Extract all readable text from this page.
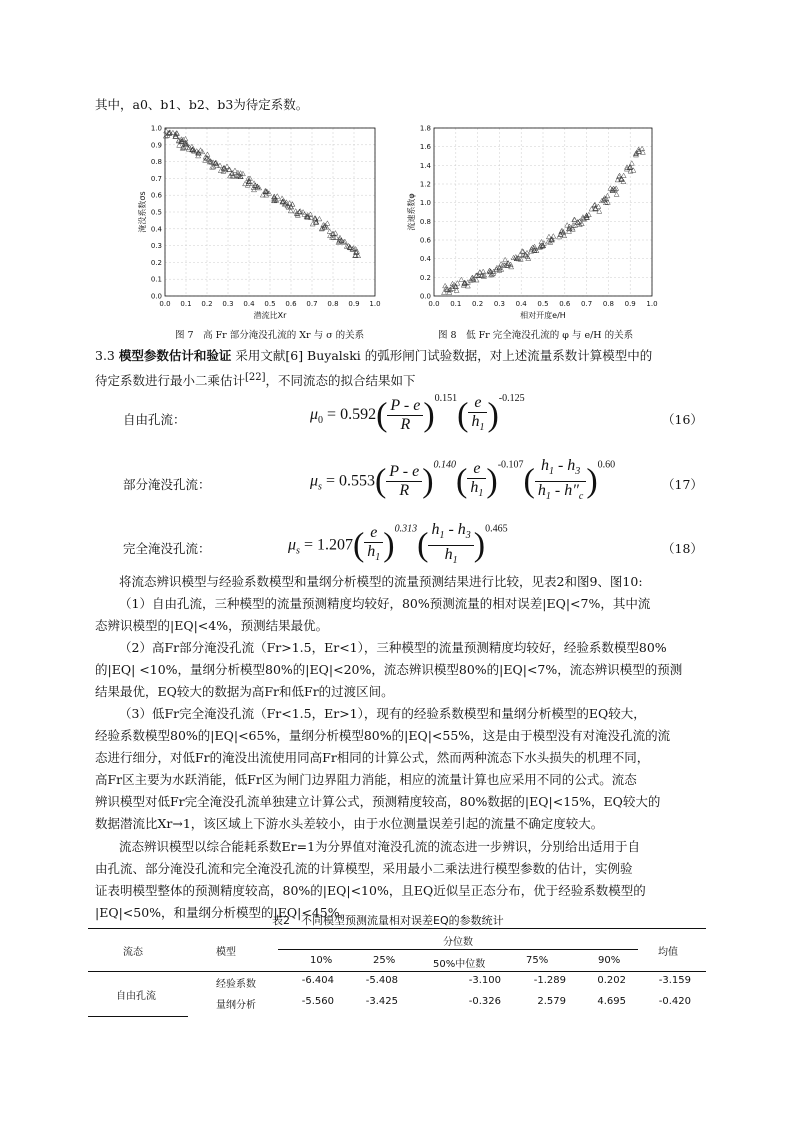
其中，a0、b1、b2、b3为待定系数。
0.0 0.1 0.2 0.3 0.4 0.5 0.6 0.7 0.8 0.9 1.0
0.0
0.1
0.2
0.3
0.4
0.5
0.6
0.7
0.8
0.9
1.0
潜流比Xr
淹没系数σs
图 7　高 Fr 部分淹没孔流的 Xr 与 σ 的关系
0.0 0.1 0.2 0.3 0.4 0.5 0.6 0.7 0.8 0.9 1.0
0.0
0.2
0.4
0.6
0.8
1.0
1.2
1.4
1.6
1.8
相对开度e/H
流速系数φ
图 8　低 Fr 完全淹没孔流的 φ 与 e/H 的关系
3.3 模型参数估计和验证 采用文献[6] Buyalski 的弧形闸门试验数据，对上述流量系数计算模型中的
待定系数进行最小二乘估计[22]，不同流态的拟合结果如下
自由孔流：	$\mu_0 = 0.592( \frac{P - e}{R} )^{0.151}( \frac{e}{h_1} )^{-0.125}$
（16）
部分淹没孔流：	$\mu_s = 0.553( \frac{P - e}{R} )^{0.140}( \frac{e}{h_1} )^{-0.107}( \frac{h_1 - h_3}{h_1 - h''_c} )^{0.60}$
（17）
完全淹没孔流：	$\mu_s = 1.207( \frac{e}{h_1} )^{0.313}( \frac{h_1 - h_3}{h_1} )^{0.465}$
（18）
将流态辨识模型与经验系数模型和量纲分析模型的流量预测结果进行比较，见表2和图9、图10:
（1）自由孔流，三种模型的流量预测精度均较好，80%预测流量的相对误差|EQ|<7%，其中流
态辨识模型的|EQ|<4%，预测结果最优。
（2）高Fr部分淹没孔流（Fr>1.5，Er<1），三种模型的流量预测精度均较好，经验系数模型80%
的|EQ| <10%，量纲分析模型80%的|EQ|<20%，流态辨识模型80%的|EQ|<7%，流态辨识模型的预测
结果最优，EQ较大的数据为高Fr和低Fr的过渡区间。
（3）低Fr完全淹没孔流（Fr<1.5，Er>1），现有的经验系数模型和量纲分析模型的EQ较大，
经验系数模型80%的|EQ|<65%，量纲分析模型80%的|EQ|<55%，这是由于模型没有对淹没孔流的流
态进行细分，对低Fr的淹没出流使用同高Fr相同的计算公式，然而两种流态下水头损失的机理不同，
高Fr区主要为水跃消能，低Fr区为闸门边界阻力消能，相应的流量计算也应采用不同的公式。流态
辨识模型对低Fr完全淹没孔流单独建立计算公式，预测精度较高，80%数据的|EQ|<15%，EQ较大的
数据潜流比Xr→1，该区域上下游水头差较小，由于水位测量误差引起的流量不确定度较大。
流态辨识模型以综合能耗系数Er=1为分界值对淹没孔流的流态进一步辨识，分别给出适用于自
由孔流、部分淹没孔流和完全淹没孔流的计算模型，采用最小二乘法进行模型参数的估计，实例验
证表明模型整体的预测精度较高，80%的|EQ|<10%，且EQ近似呈正态分布，优于经验系数模型的
|EQ|<50%，和量纲分析模型的|EQ|<45%。
表2　不同模型预测流量相对误差EQ的参数统计
流态	模型
分位数
10%	25%	50%中位数	75%	90%
均值
自由孔流
经验系数	-6.404	-5.408	-3.100	-1.289	0.202	-3.159
量纲分析	-5.560	-3.425	-0.326	2.579	4.695	-0.420
